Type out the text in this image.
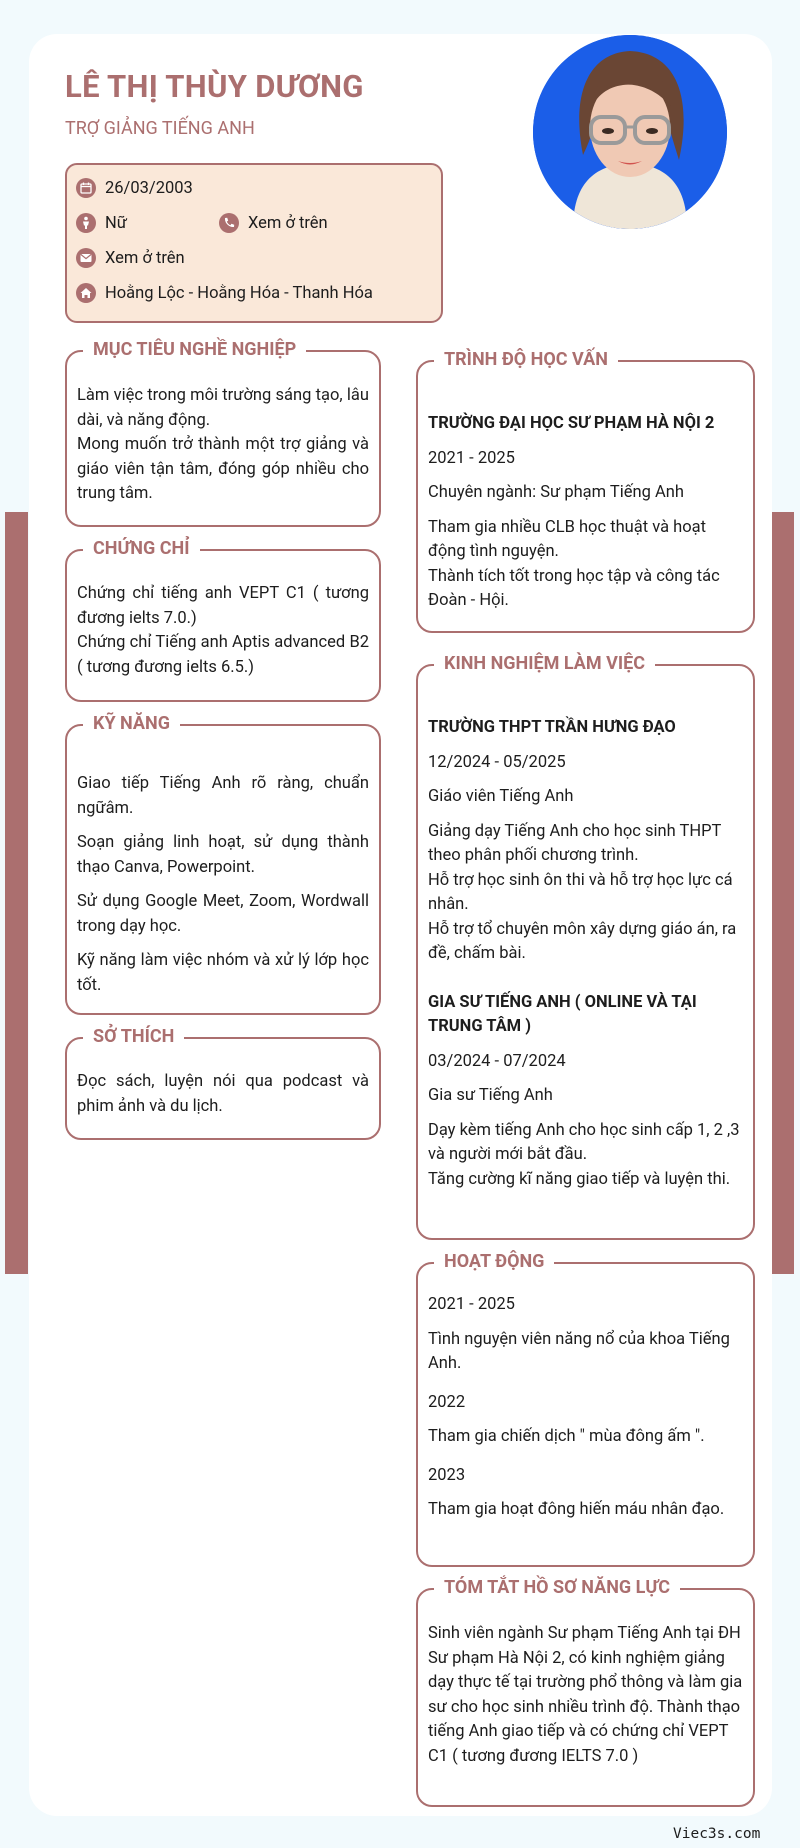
LÊ THỊ THÙY DƯƠNG
TRỢ GIẢNG TIẾNG ANH
26/03/2003
Nữ	Xem ở trên
Xem ở trên
Hoằng Lộc - Hoằng Hóa - Thanh Hóa
MỤC TIÊU NGHỀ NGHIỆP

Làm việc trong môi trường sáng tạo, lâu dài, và năng động.

Mong muốn trở thành một trợ giảng và giáo viên tận tâm, đóng góp nhiều cho trung tâm.

CHỨNG CHỈ

Chứng chỉ tiếng anh VEPT C1 ( tương đương ielts 7.0.)

Chứng chỉ Tiếng anh Aptis advanced B2 ( tương đương ielts 6.5.)

KỸ NĂNG

Giao tiếp Tiếng Anh rõ ràng, chuẩn ngữâm.

Soạn giảng linh hoạt, sử dụng thành thạo Canva, Powerpoint.

Sử dụng Google Meet, Zoom, Wordwall trong dạy học.

Kỹ năng làm việc nhóm và xử lý lớp học tốt.

SỞ THÍCH

Đọc sách, luyện nói qua podcast và phim ảnh và du lịch.

TRÌNH ĐỘ HỌC VẤN

TRƯỜNG ĐẠI HỌC SƯ PHẠM HÀ NỘI 2

2021 - 2025

Chuyên ngành: Sư phạm Tiếng Anh

Tham gia nhiều CLB học thuật và hoạt động tình nguyện.

Thành tích tốt trong học tập và công tác Đoàn - Hội.

KINH NGHIỆM LÀM VIỆC

TRƯỜNG THPT TRẦN HƯNG ĐẠO

12/2024 - 05/2025

Giáo viên Tiếng Anh

Giảng dạy Tiếng Anh cho học sinh THPT theo phân phối chương trình.

Hỗ trợ học sinh ôn thi và hỗ trợ học lực cá nhân.

Hỗ trợ tổ chuyên môn xây dựng giáo án, ra đề, chấm bài.

GIA SƯ TIẾNG ANH ( ONLINE VÀ TẠI TRUNG TÂM )

03/2024 - 07/2024

Gia sư Tiếng Anh

Dạy kèm tiếng Anh cho học sinh cấp 1, 2 ,3 và người mới bắt đầu.

Tăng cường kĩ năng giao tiếp và luyện thi.

HOẠT ĐỘNG

2021 - 2025

Tình nguyện viên năng nổ của khoa Tiếng Anh.

2022

Tham gia chiến dịch " mùa đông ấm ".

2023

Tham gia hoạt đông hiến máu nhân đạo.

TÓM TẮT HỒ SƠ NĂNG LỰC

Sinh viên ngành Sư phạm Tiếng Anh tại ĐH Sư phạm Hà Nội 2, có kinh nghiệm giảng dạy thực tế tại trường phổ thông và làm gia sư cho học sinh nhiều trình độ. Thành thạo tiếng Anh giao tiếp và có chứng chỉ VEPT C1 ( tương đương IELTS 7.0 )

Viec3s.com
